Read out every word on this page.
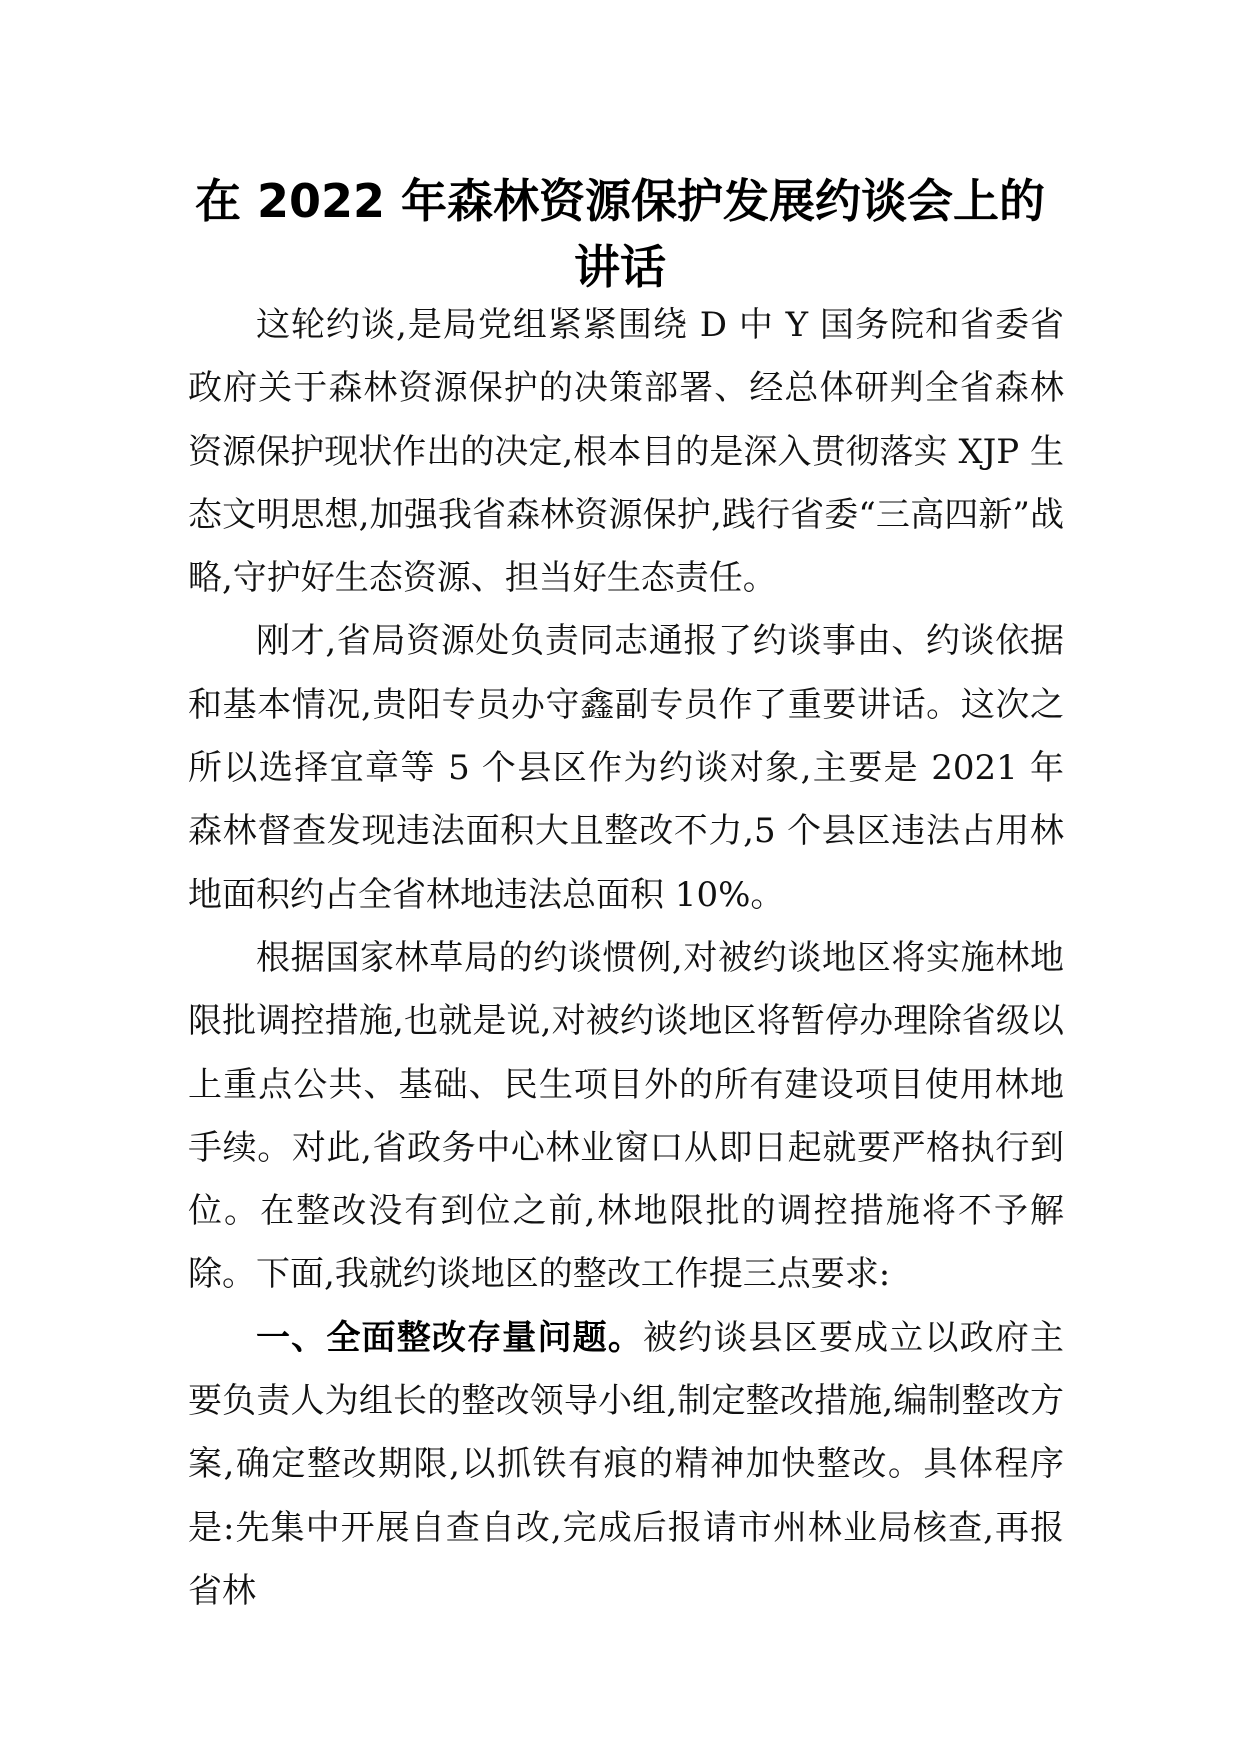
在 2022 年森林资源保护发展约谈会上的讲话

这轮约谈,是局党组紧紧围绕 D 中 Y 国务院和省委省政府关于森林资源保护的决策部署、经总体研判全省森林资源保护现状作出的决定,根本目的是深入贯彻落实 XJP 生态文明思想,加强我省森林资源保护,践行省委“三高四新”战略,守护好生态资源、担当好生态责任。

刚才,省局资源处负责同志通报了约谈事由、约谈依据和基本情况,贵阳专员办守鑫副专员作了重要讲话。这次之所以选择宜章等 5 个县区作为约谈对象,主要是 2021 年森林督查发现违法面积大且整改不力,5 个县区违法占用林地面积约占全省林地违法总面积 10%。

根据国家林草局的约谈惯例,对被约谈地区将实施林地限批调控措施,也就是说,对被约谈地区将暂停办理除省级以上重点公共、基础、民生项目外的所有建设项目使用林地手续。对此,省政务中心林业窗口从即日起就要严格执行到位。在整改没有到位之前,林地限批的调控措施将不予解除。下面,我就约谈地区的整改工作提三点要求:

一、全面整改存量问题。被约谈县区要成立以政府主要负责人为组长的整改领导小组,制定整改措施,编制整改方案,确定整改期限,以抓铁有痕的精神加快整改。具体程序是:先集中开展自查自改,完成后报请市州林业局核查,再报省林
